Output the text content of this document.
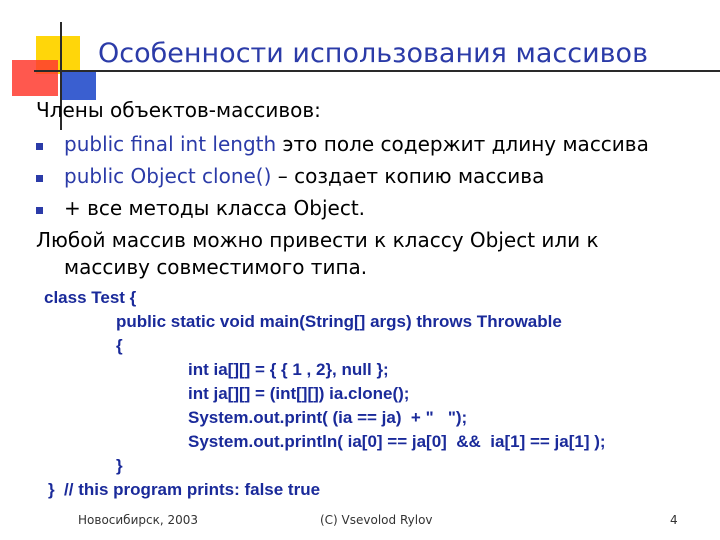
Особенности использования массивов
Члены объектов-массивов:
public final int length это поле содержит длину массива
public Object clone() – создает копию массива
+ все методы класса Object.
Любой массив можно привести к классу Object или к
массиву совместимого типа.
class Test {
public static void main(String[] args) throws Throwable
{
int ia[][] = { { 1 , 2}, null };
int ja[][] = (int[][]) ia.clone();
System.out.print( (ia == ja)  + "   ");
System.out.println( ia[0] == ja[0]  &&  ia[1] == ja[1] );
}
}  // this program prints: false true
Новосибирск, 2003	(C) Vsevolod Rylov	4
